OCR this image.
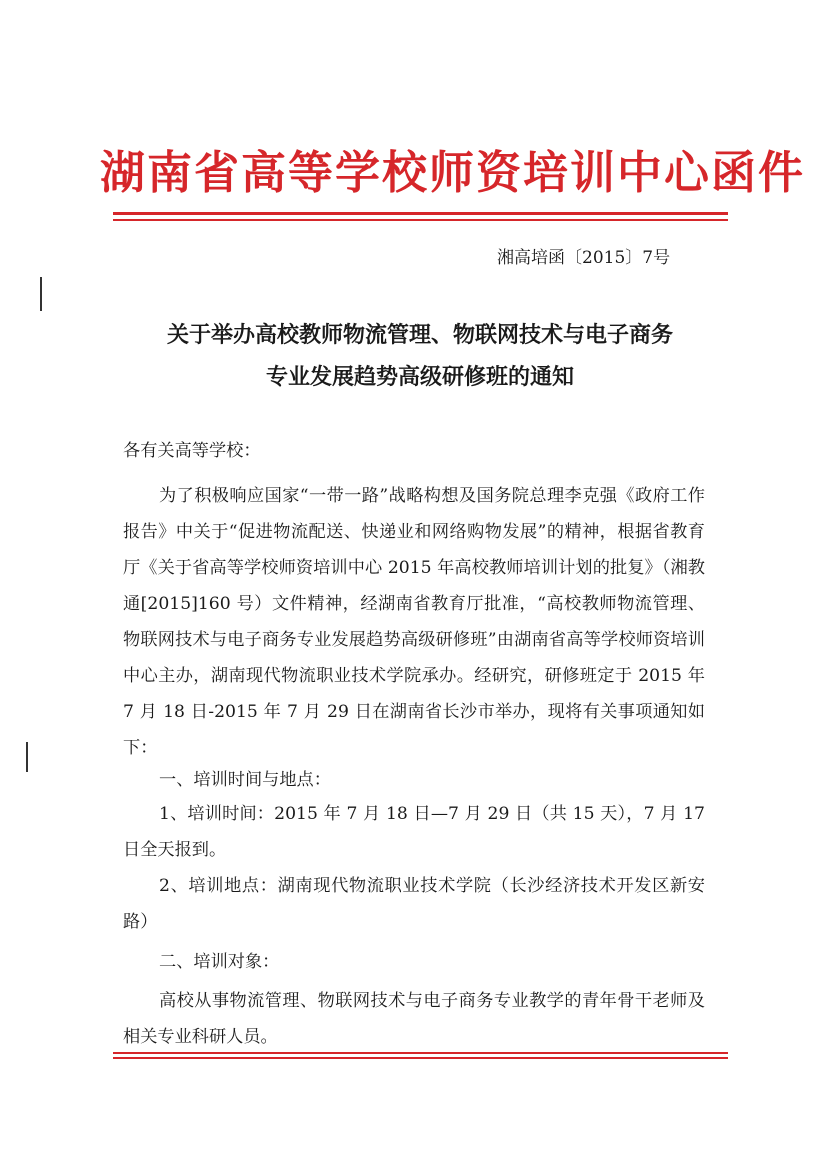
湖南省高等学校师资培训中心函件
湘高培函〔2015〕7号
关于举办高校教师物流管理、物联网技术与电子商务
专业发展趋势高级研修班的通知

各有关高等学校：

为了积极响应国家“一带一路”战略构想及国务院总理李克强《政府工作报告》中关于“促进物流配送、快递业和网络购物发展”的精神，根据省教育厅《关于省高等学校师资培训中心 2015 年高校教师培训计划的批复》（湘教通[2015]160 号）文件精神，经湖南省教育厅批准，“高校教师物流管理、物联网技术与电子商务专业发展趋势高级研修班”由湖南省高等学校师资培训中心主办，湖南现代物流职业技术学院承办。经研究，研修班定于 2015 年 7 月 18 日-2015 年 7 月 29 日在湖南省长沙市举办，现将有关事项通知如下：

一、培训时间与地点：

1、培训时间：2015 年 7 月 18 日—7 月 29 日（共 15 天），7 月 17 日全天报到。

2、培训地点：湖南现代物流职业技术学院（长沙经济技术开发区新安路）

二、培训对象：

高校从事物流管理、物联网技术与电子商务专业教学的青年骨干老师及相关专业科研人员。
